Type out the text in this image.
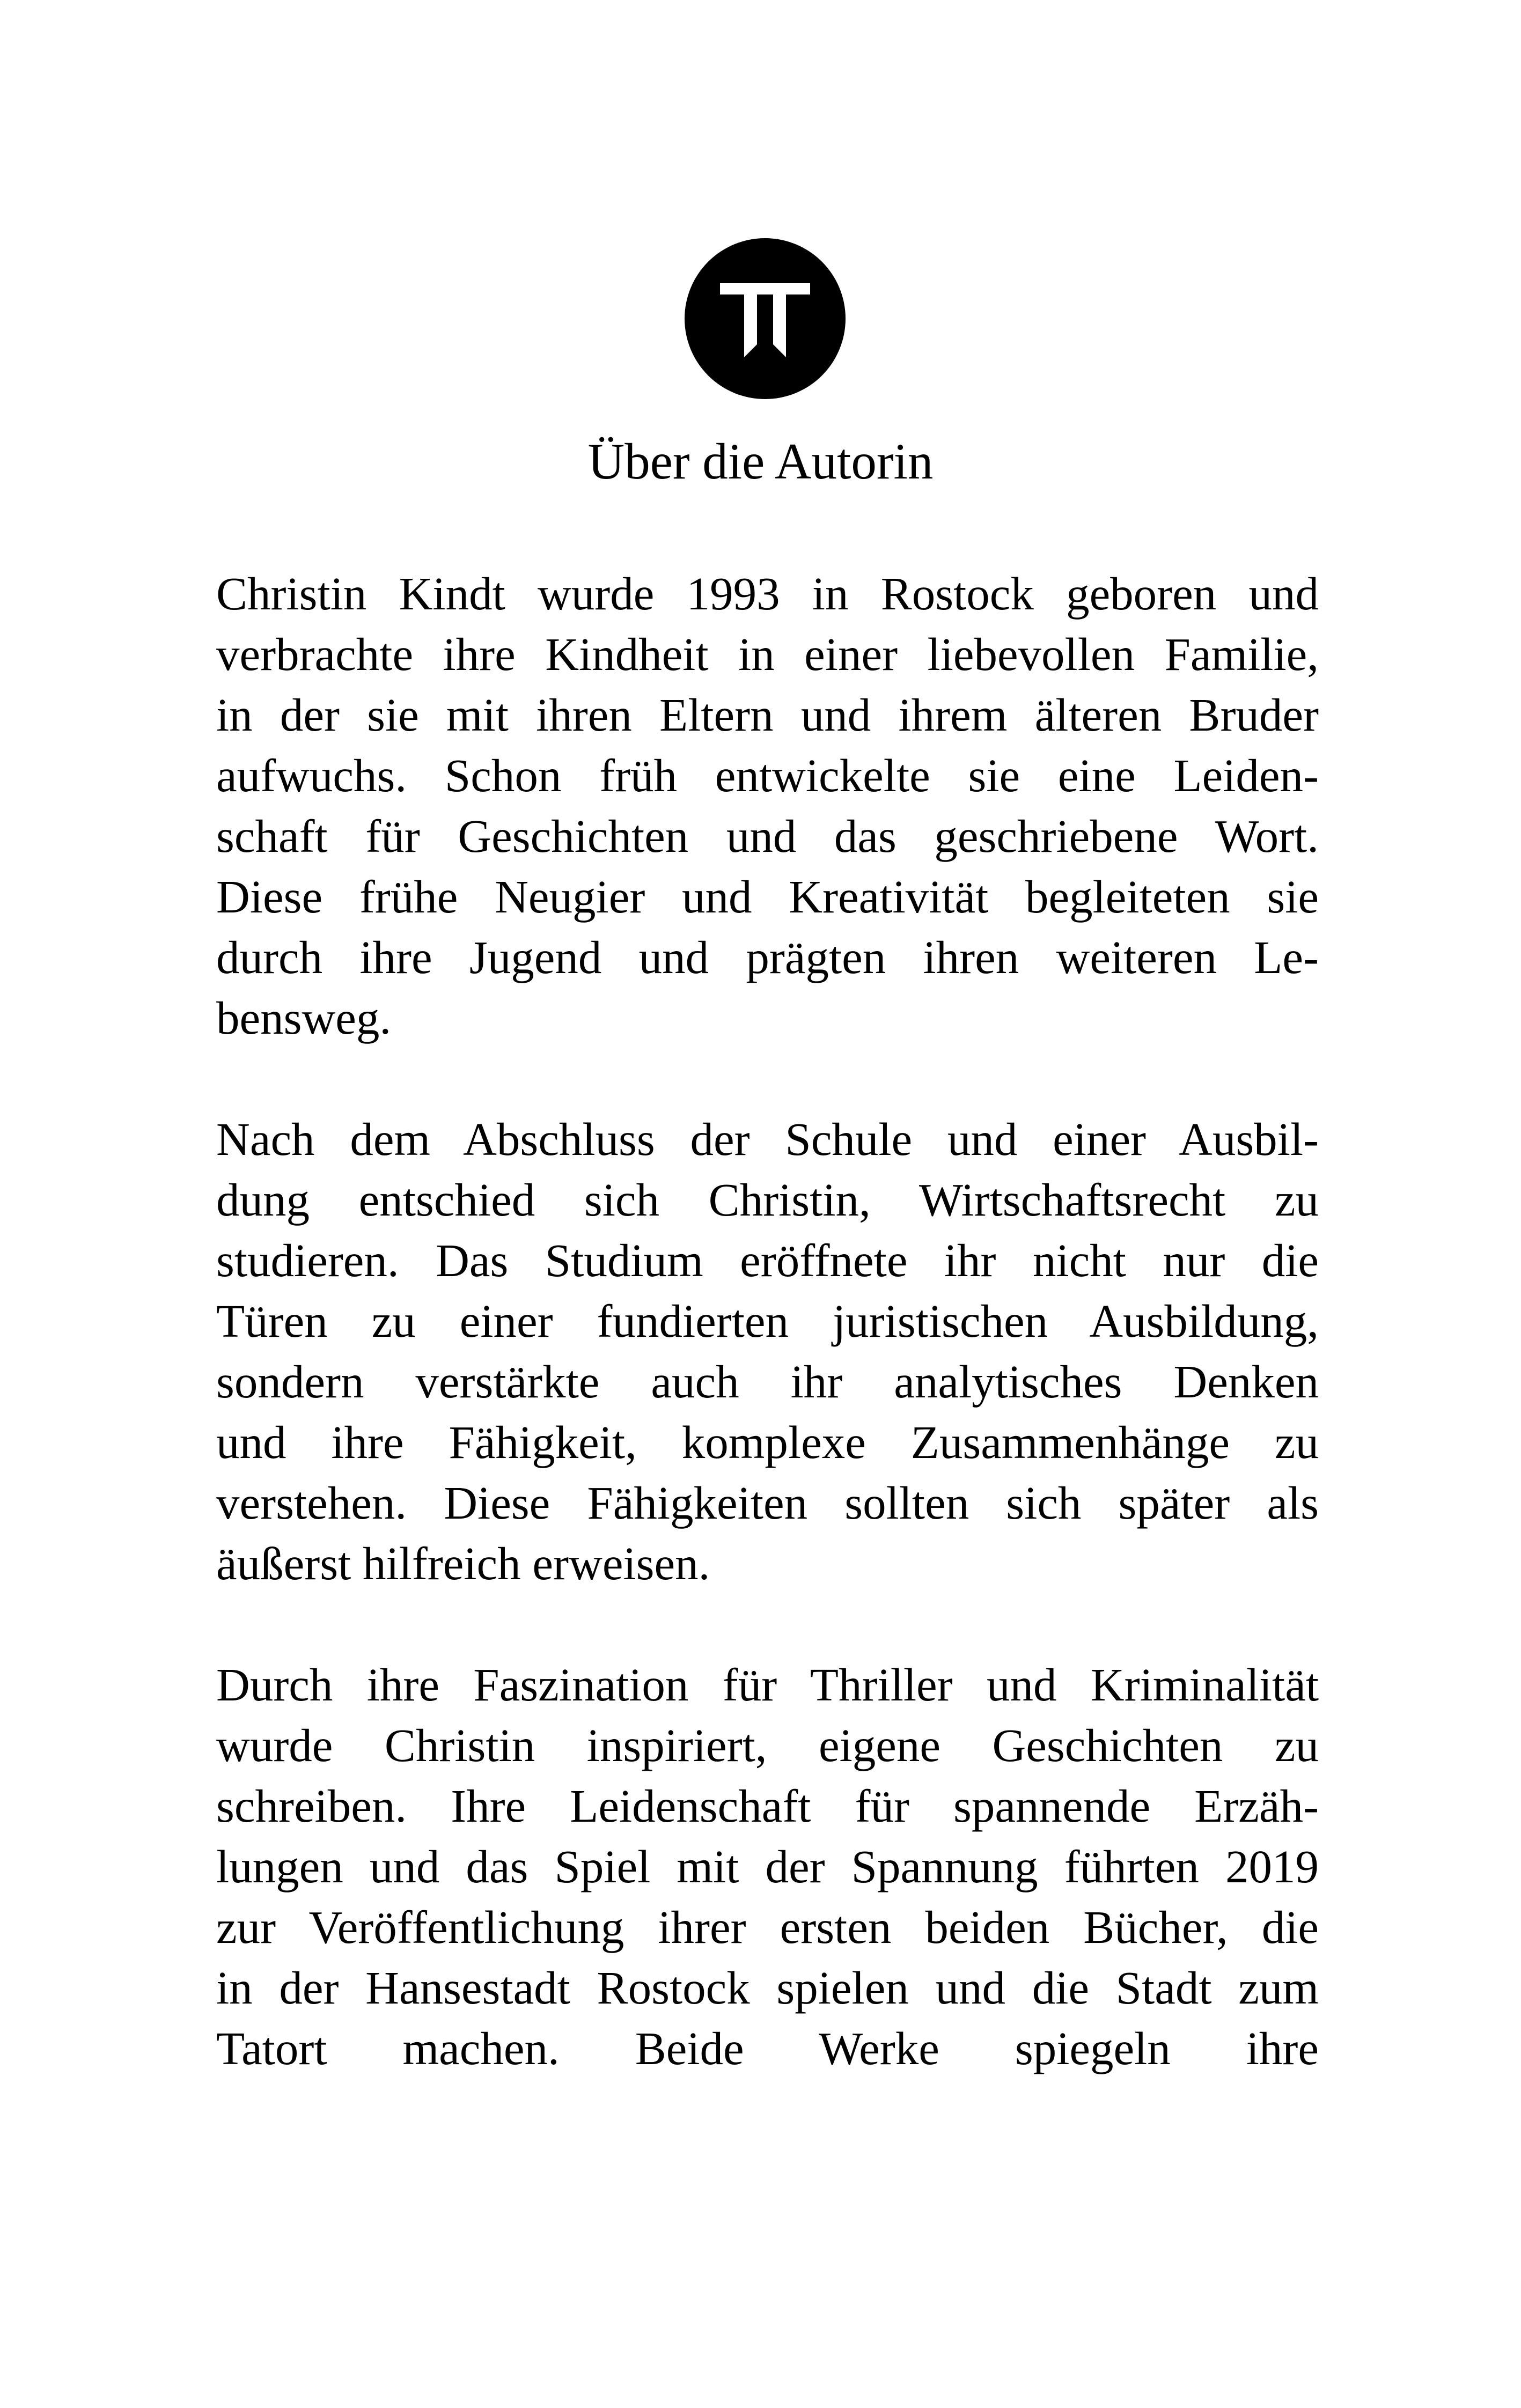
Über die Autorin
Christin Kindt wurde 1993 in Rostock geboren und
verbrachte ihre Kindheit in einer liebevollen Familie,
in der sie mit ihren Eltern und ihrem älteren Bruder
aufwuchs. Schon früh entwickelte sie eine Leiden-
schaft für Geschichten und das geschriebene Wort.
Diese frühe Neugier und Kreativität begleiteten sie
durch ihre Jugend und prägten ihren weiteren Le-
bensweg.
Nach dem Abschluss der Schule und einer Ausbil-
dung entschied sich Christin, Wirtschaftsrecht zu
studieren. Das Studium eröffnete ihr nicht nur die
Türen zu einer fundierten juristischen Ausbildung,
sondern verstärkte auch ihr analytisches Denken
und ihre Fähigkeit, komplexe Zusammenhänge zu
verstehen. Diese Fähigkeiten sollten sich später als
äußerst hilfreich erweisen.
Durch ihre Faszination für Thriller und Kriminalität
wurde Christin inspiriert, eigene Geschichten zu
schreiben. Ihre Leidenschaft für spannende Erzäh-
lungen und das Spiel mit der Spannung führten 2019
zur Veröffentlichung ihrer ersten beiden Bücher, die
in der Hansestadt Rostock spielen und die Stadt zum
Tatort machen. Beide Werke spiegeln ihre
